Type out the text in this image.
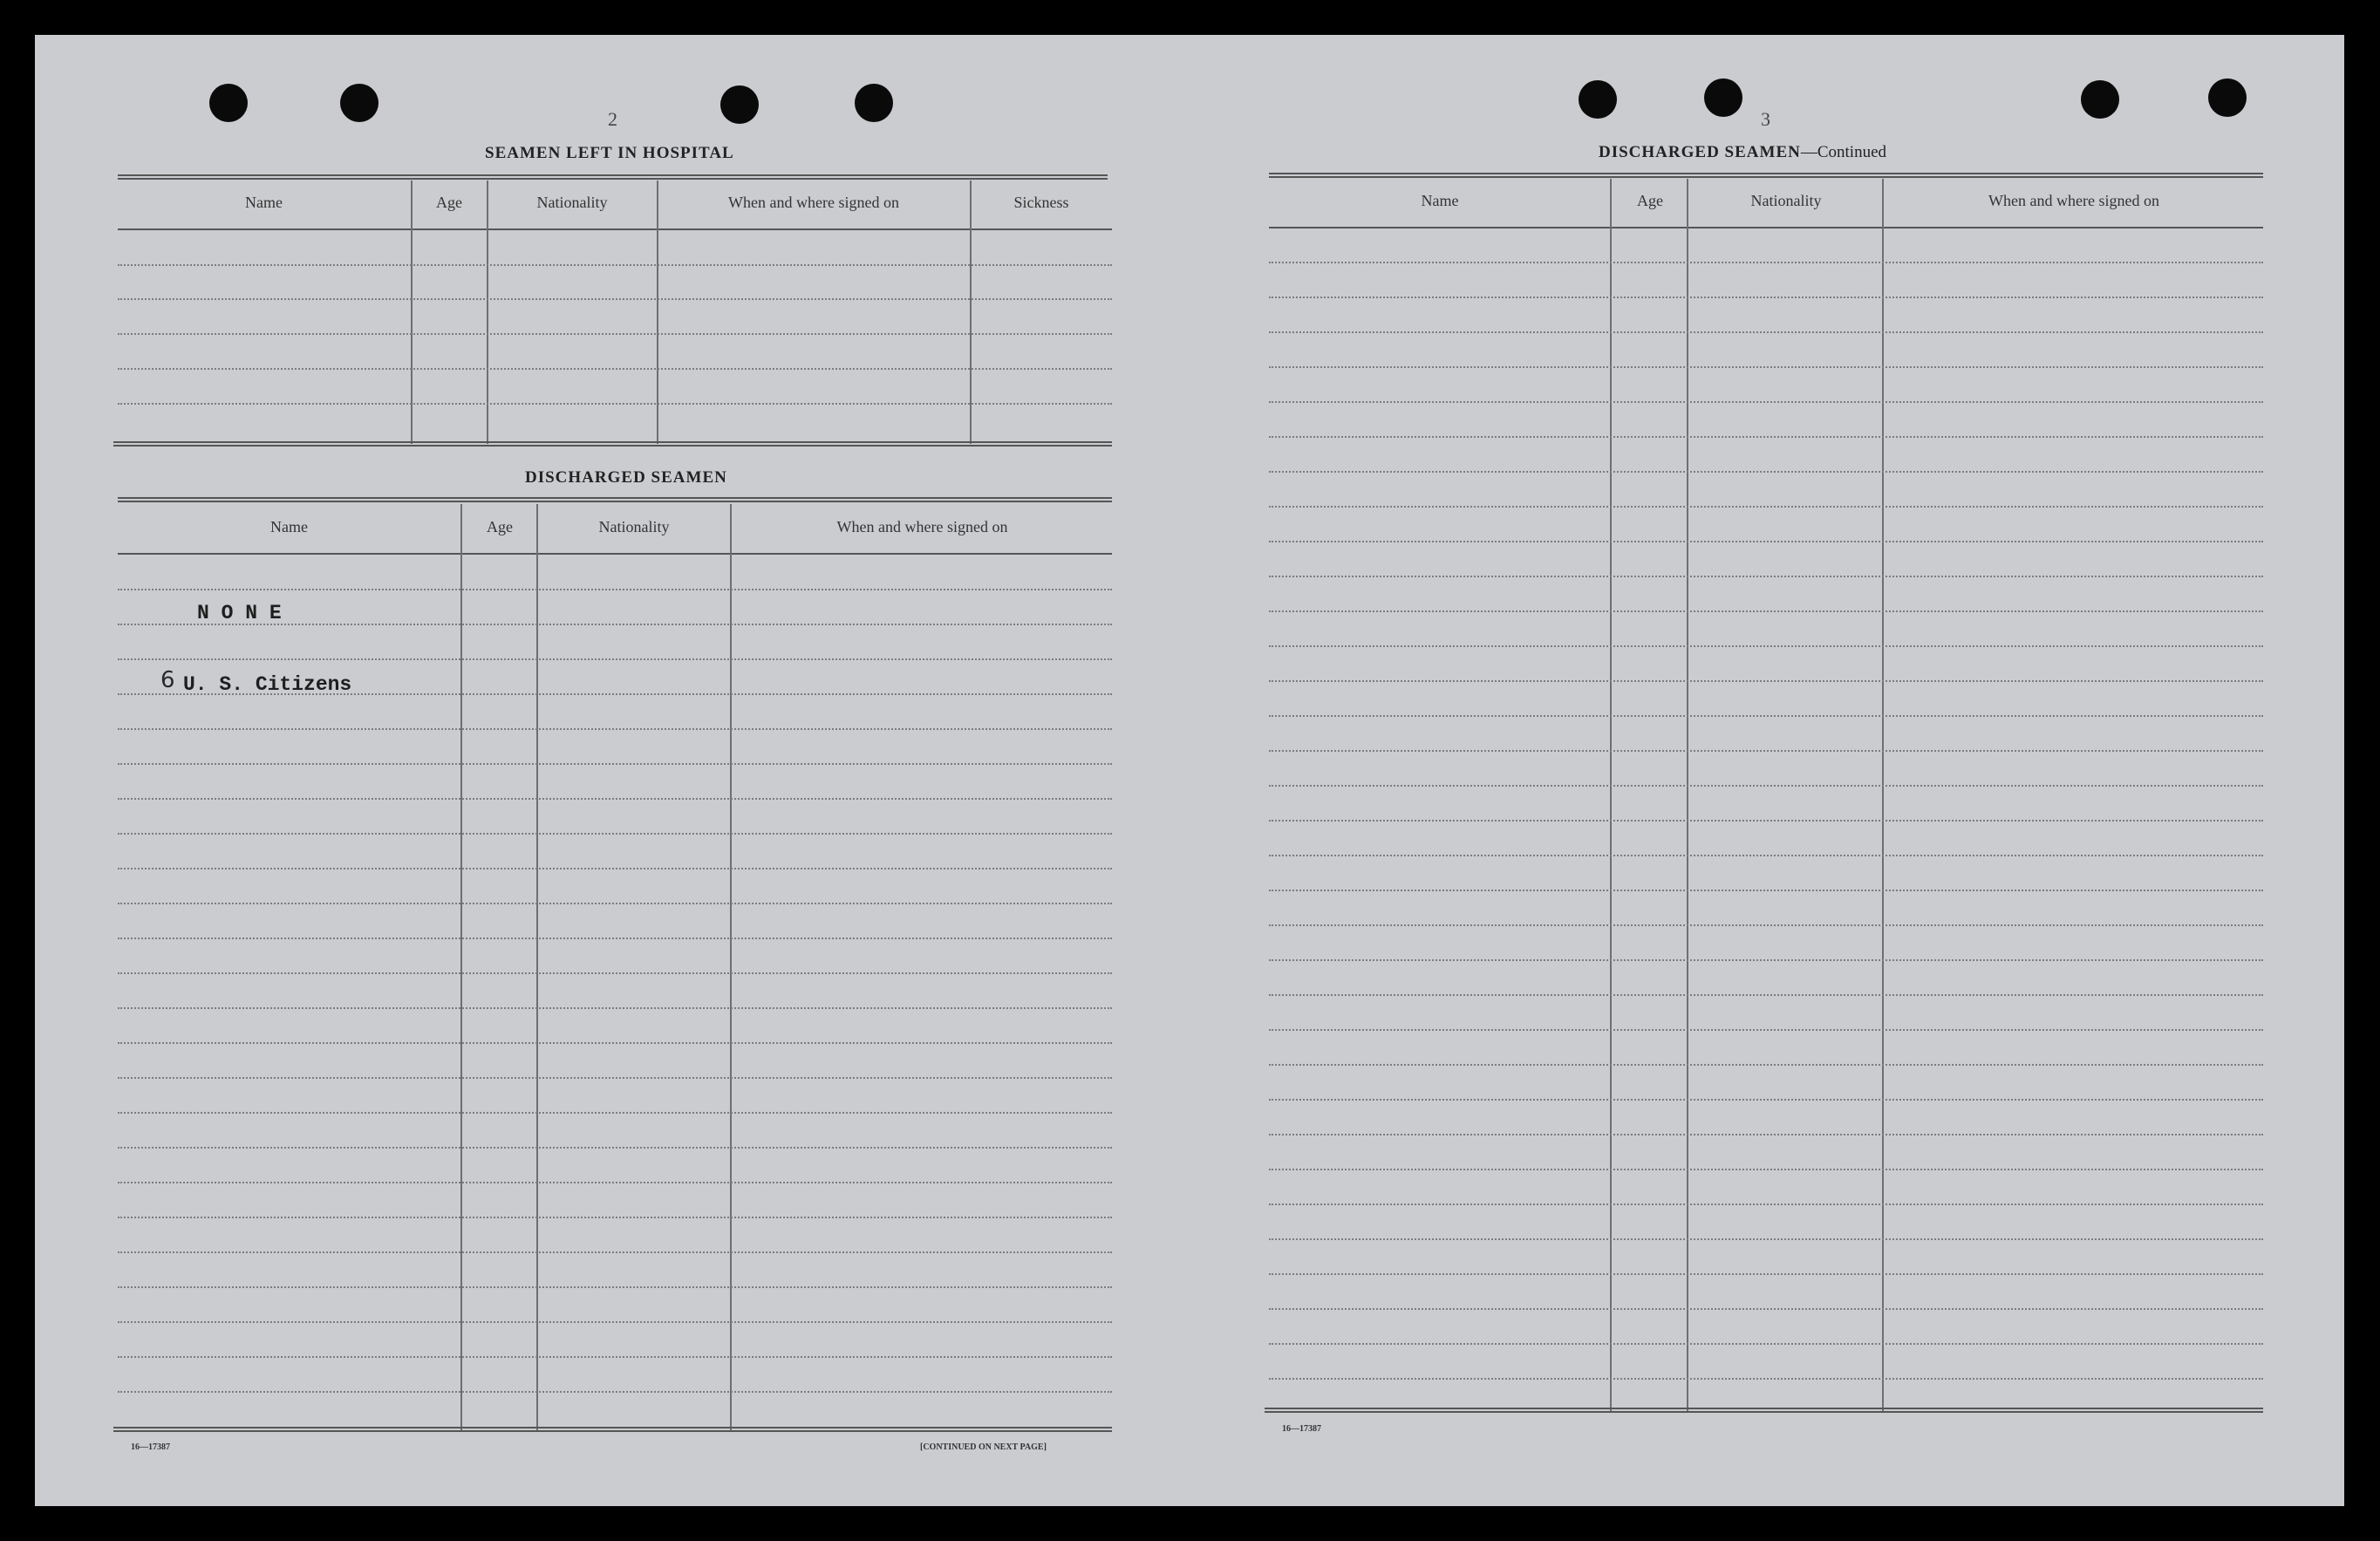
2
SEAMEN LEFT IN HOSPITAL
Name	Age	Nationality	When and where signed on	Sickness
DISCHARGED SEAMEN
Name	Age	Nationality	When and where signed on
N O N E
6 U. S. Citizens
16—17387	[CONTINUED ON NEXT PAGE]
3
DISCHARGED SEAMEN—Continued
Name	Age	Nationality	When and where signed on
16—17387
